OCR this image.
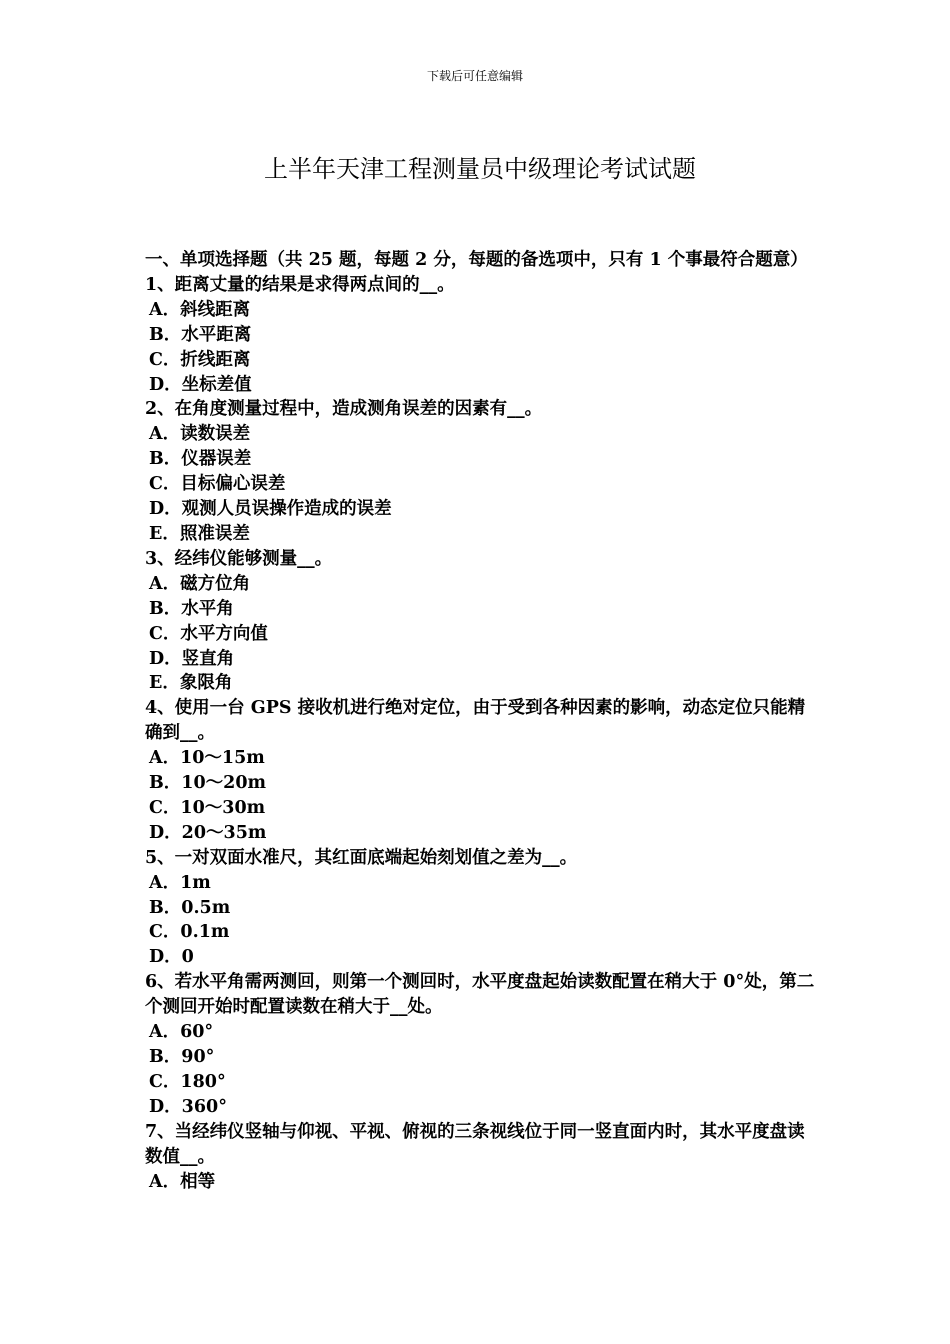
下载后可任意编辑
上半年天津工程测量员中级理论考试试题

一、单项选择题（共 25 题，每题 2 分，每题的备选项中，只有 1 个事最符合题意）

1、距离丈量的结果是求得两点间的__。

A．斜线距离
B．水平距离
C．折线距离
D．坐标差值

2、在角度测量过程中，造成测角误差的因素有__。

A．读数误差
B．仪器误差
C．目标偏心误差
D．观测人员误操作造成的误差
E．照准误差

3、经纬仪能够测量__。

A．磁方位角
B．水平角
C．水平方向值
D．竖直角
E．象限角

4、使用一台 GPS 接收机进行绝对定位，由于受到各种因素的影响，动态定位只能精确到__。

A．10～15m
B．10～20m
C．10～30m
D．20～35m

5、一对双面水准尺，其红面底端起始刻划值之差为__。

A．1m
B．0.5m
C．0.1m
D．0

6、若水平角需两测回，则第一个测回时，水平度盘起始读数配置在稍大于 0°处，第二个测回开始时配置读数在稍大于__处。

A．60°
B．90°
C．180°
D．360°

7、当经纬仪竖轴与仰视、平视、俯视的三条视线位于同一竖直面内时，其水平度盘读数值__。

A．相等
